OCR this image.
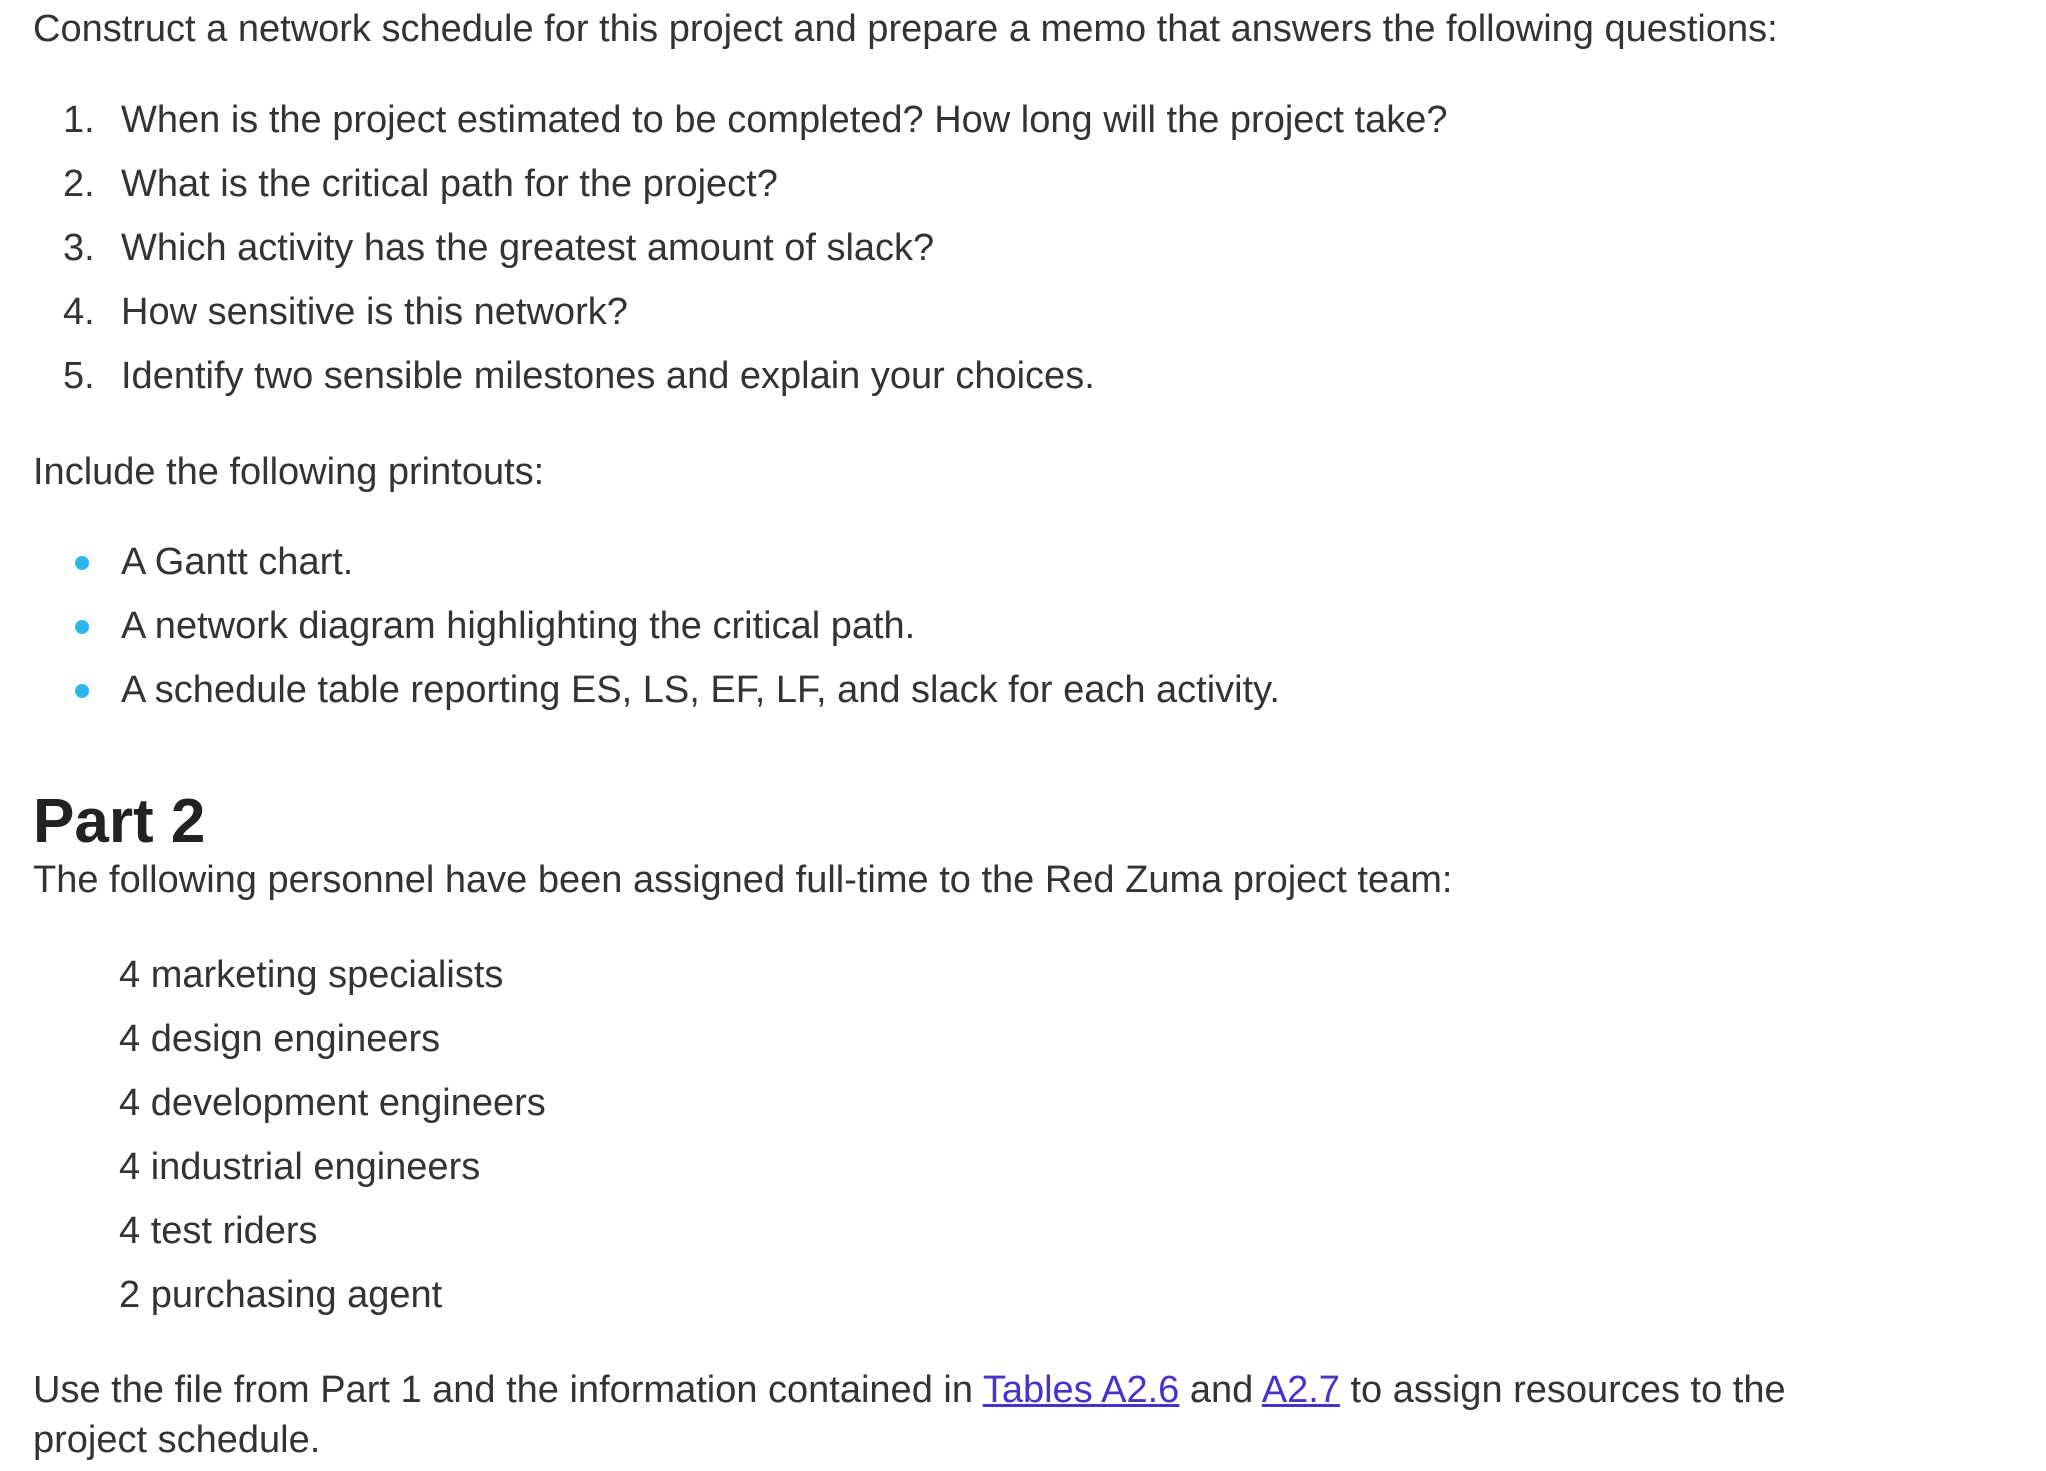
Construct a network schedule for this project and prepare a memo that answers the following questions:
1. When is the project estimated to be completed? How long will the project take?
2. What is the critical path for the project?
3. Which activity has the greatest amount of slack?
4. How sensitive is this network?
5. Identify two sensible milestones and explain your choices.
Include the following printouts:
A Gantt chart.
A network diagram highlighting the critical path.
A schedule table reporting ES, LS, EF, LF, and slack for each activity.
Part 2
The following personnel have been assigned full-time to the Red Zuma project team:
4 marketing specialists
4 design engineers
4 development engineers
4 industrial engineers
4 test riders
2 purchasing agent
Use the file from Part 1 and the information contained in Tables A2.6 and A2.7 to assign resources to the project schedule.
